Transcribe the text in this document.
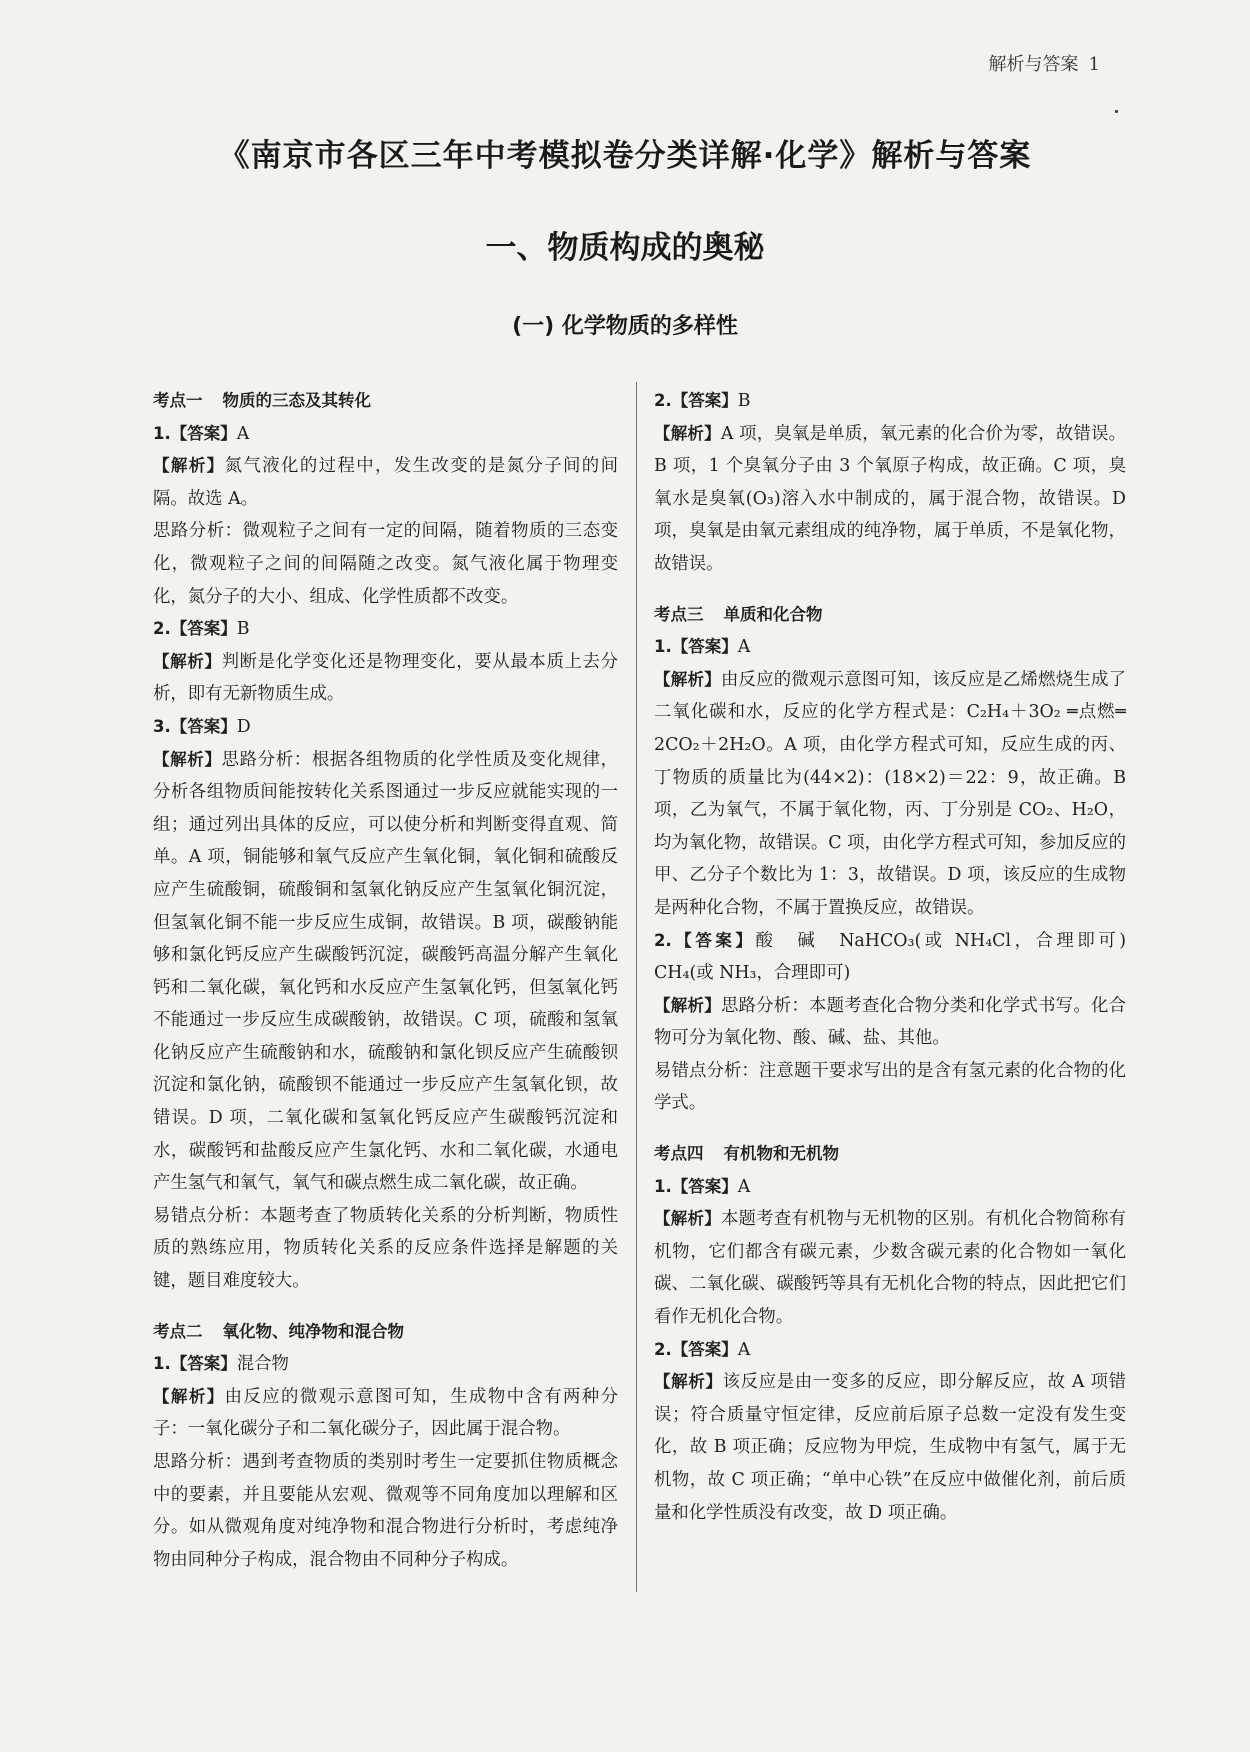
解析与答案 1
《南京市各区三年中考模拟卷分类详解·化学》解析与答案
一、物质构成的奥秘
(一) 化学物质的多样性

考点一 物质的三态及其转化

1.【答案】A

【解析】氮气液化的过程中，发生改变的是氮分子间的间隔。故选 A。

思路分析：微观粒子之间有一定的间隔，随着物质的三态变化，微观粒子之间的间隔随之改变。氮气液化属于物理变化，氮分子的大小、组成、化学性质都不改变。

2.【答案】B

【解析】判断是化学变化还是物理变化，要从最本质上去分析，即有无新物质生成。

3.【答案】D

【解析】思路分析：根据各组物质的化学性质及变化规律，分析各组物质间能按转化关系图通过一步反应就能实现的一组；通过列出具体的反应，可以使分析和判断变得直观、简单。A 项，铜能够和氧气反应产生氧化铜，氧化铜和硫酸反应产生硫酸铜，硫酸铜和氢氧化钠反应产生氢氧化铜沉淀，但氢氧化铜不能一步反应生成铜，故错误。B 项，碳酸钠能够和氯化钙反应产生碳酸钙沉淀，碳酸钙高温分解产生氧化钙和二氧化碳，氧化钙和水反应产生氢氧化钙，但氢氧化钙不能通过一步反应生成碳酸钠，故错误。C 项，硫酸和氢氧化钠反应产生硫酸钠和水，硫酸钠和氯化钡反应产生硫酸钡沉淀和氯化钠，硫酸钡不能通过一步反应产生氢氧化钡，故错误。D 项，二氧化碳和氢氧化钙反应产生碳酸钙沉淀和水，碳酸钙和盐酸反应产生氯化钙、水和二氧化碳，水通电产生氢气和氧气，氧气和碳点燃生成二氧化碳，故正确。

易错点分析：本题考查了物质转化关系的分析判断，物质性质的熟练应用，物质转化关系的反应条件选择是解题的关键，题目难度较大。

考点二 氧化物、纯净物和混合物

1.【答案】混合物

【解析】由反应的微观示意图可知，生成物中含有两种分子：一氧化碳分子和二氧化碳分子，因此属于混合物。

思路分析：遇到考查物质的类别时考生一定要抓住物质概念中的要素，并且要能从宏观、微观等不同角度加以理解和区分。如从微观角度对纯净物和混合物进行分析时，考虑纯净物由同种分子构成，混合物由不同种分子构成。

2.【答案】B

【解析】A 项，臭氧是单质，氧元素的化合价为零，故错误。B 项，1 个臭氧分子由 3 个氧原子构成，故正确。C 项，臭氧水是臭氧(O₃)溶入水中制成的，属于混合物，故错误。D 项，臭氧是由氧元素组成的纯净物，属于单质，不是氧化物，故错误。

考点三 单质和化合物

1.【答案】A

【解析】由反应的微观示意图可知，该反应是乙烯燃烧生成了二氧化碳和水，反应的化学方程式是：C₂H₄＋3O₂ ═点燃═ 2CO₂＋2H₂O。A 项，由化学方程式可知，反应生成的丙、丁物质的质量比为(44×2)：(18×2)＝22：9，故正确。B 项，乙为氧气，不属于氧化物，丙、丁分别是 CO₂、H₂O，均为氧化物，故错误。C 项，由化学方程式可知，参加反应的甲、乙分子个数比为 1：3，故错误。D 项，该反应的生成物是两种化合物，不属于置换反应，故错误。

2.【答案】酸　碱　NaHCO₃(或 NH₄Cl，合理即可)　CH₄(或 NH₃，合理即可)

【解析】思路分析：本题考查化合物分类和化学式书写。化合物可分为氧化物、酸、碱、盐、其他。

易错点分析：注意题干要求写出的是含有氢元素的化合物的化学式。

考点四 有机物和无机物

1.【答案】A

【解析】本题考查有机物与无机物的区别。有机化合物简称有机物，它们都含有碳元素，少数含碳元素的化合物如一氧化碳、二氧化碳、碳酸钙等具有无机化合物的特点，因此把它们看作无机化合物。

2.【答案】A

【解析】该反应是由一变多的反应，即分解反应，故 A 项错误；符合质量守恒定律，反应前后原子总数一定没有发生变化，故 B 项正确；反应物为甲烷，生成物中有氢气，属于无机物，故 C 项正确；“单中心铁”在反应中做催化剂，前后质量和化学性质没有改变，故 D 项正确。
